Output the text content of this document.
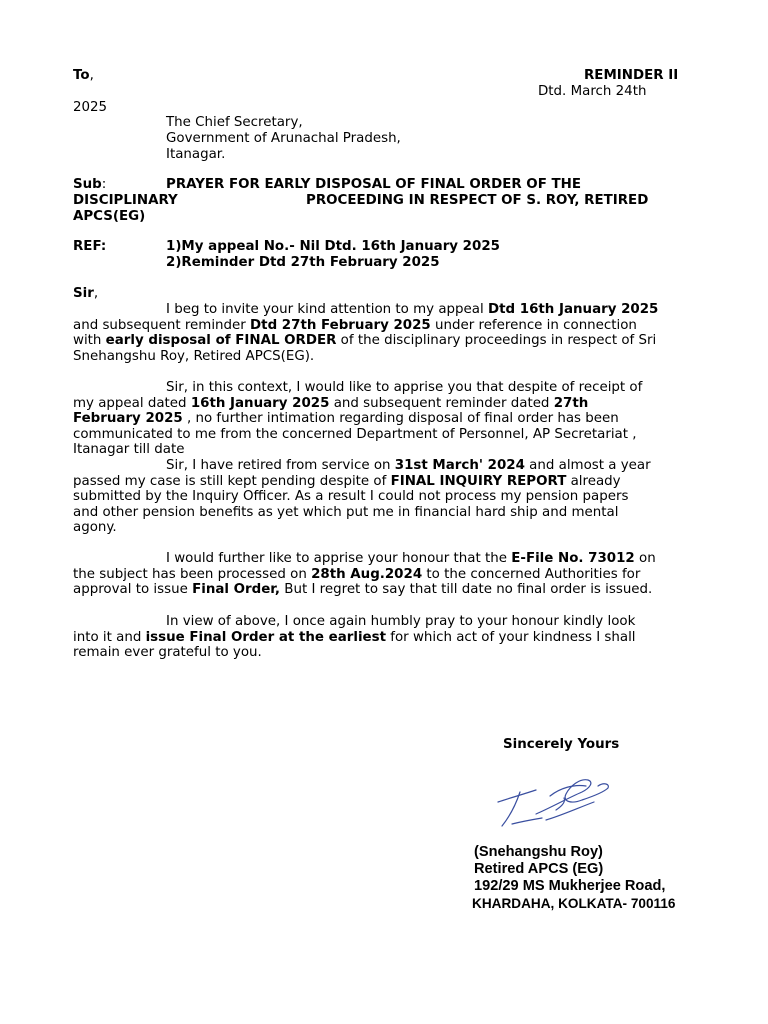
To,	REMINDER II
Dtd. March 24th
2025
The Chief Secretary,
Government of Arunachal Pradesh,
Itanagar.
Sub:	PRAYER FOR EARLY DISPOSAL OF FINAL ORDER OF THE
DISCIPLINARY	PROCEEDING IN RESPECT OF S. ROY, RETIRED
APCS(EG)
REF:	1)My appeal No.- Nil Dtd. 16th January 2025
2)Reminder Dtd 27th February 2025
Sir,
I beg to invite your kind attention to my appeal Dtd 16th January 2025
and subsequent reminder Dtd 27th February 2025 under reference in connection
with early disposal of FINAL ORDER of the disciplinary proceedings in respect of Sri
Snehangshu Roy, Retired APCS(EG).
Sir, in this context, I would like to apprise you that despite of receipt of
my appeal dated 16th January 2025 and subsequent reminder dated 27th
February 2025 , no further intimation regarding disposal of final order has been
communicated to me from the concerned Department of Personnel, AP Secretariat ,
Itanagar till date
Sir, I have retired from service on 31st March' 2024 and almost a year
passed my case is still kept pending despite of FINAL INQUIRY REPORT already
submitted by the Inquiry Officer. As a result I could not process my pension papers
and other pension benefits as yet which put me in financial hard ship and mental
agony.
I would further like to apprise your honour that the E-File No. 73012 on
the subject has been processed on 28th Aug.2024 to the concerned Authorities for
approval to issue Final Order, But I regret to say that till date no final order is issued.
In view of above, I once again humbly pray to your honour kindly look
into it and issue Final Order at the earliest for which act of your kindness I shall
remain ever grateful to you.
Sincerely Yours
(Snehangshu Roy)
Retired APCS (EG)
192/29 MS Mukherjee Road,
KHARDAHA, KOLKATA- 700116
